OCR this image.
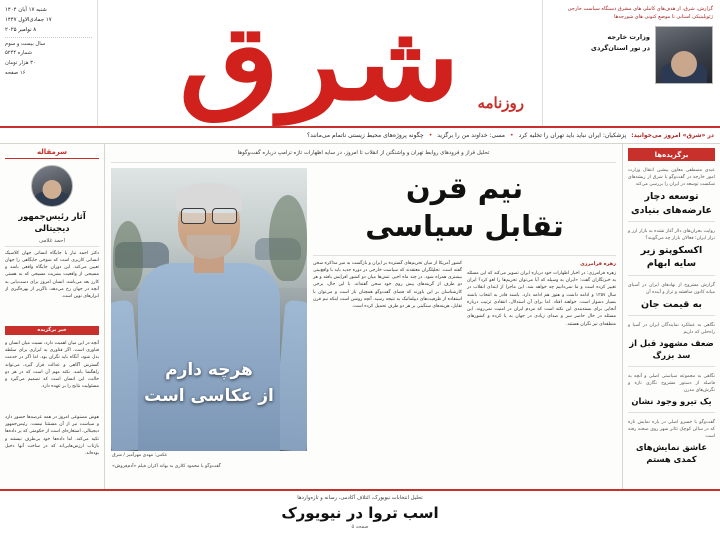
گزارش، شرق، از هدف‌های کاملی های مشرق دستگاه سیاست خارجی ژئوپلیتیکی استانی تا موضع کنونی های شورجه‌ها
وزارت خارجه
در تور استان‌گردی
شرق روزنامه
شنبه ۱۷ آبان ۱۴۰۴
۱۷ جمادی‌الاول ۱۴۴۷
۸ نوامبر ۲۰۲۵
سال بیست و سوم
شماره ۵۲۴۴
۳۰ هزار تومان
۱۶ صفحه
در «شرق» امروز می‌خوانید:
پزشکیان: ایران نباید باید تهران را تخلیه کرد
•
مسی: خداوند من را برگزید
•
چگونه پروژه‌های محیط زیستی ناتمام می‌مانند؟
برگزیده‌ها
عبدی مصطفی معاون پیشین انتقال وزارت امور خارجه در گفت‌وگو با شرق از ریشه‌های شکست توسعه در ایران را بررسی می‌کند
توسعه دچار عارضه‌های بنیادی
روایت بحران‌های دلار آغاز نشده به بازار ارز و تراز ایران؛ فعالان بازار چه می‌گویند؟
اکسکوپتو زیر سایه ابهام
گزارش مشروح از نهادهای ایران در آسیای میانه کانون مناقشه و تراز و آینده آن
به قیمت جان
نگاهی به عملکرد نمایندگان ایران در آسیا و راه‌حلی که داریم
ضعف مشهود قبل از سد بزرگ
نگاهی به مجموعه سیاستی اصلی و آنچه به فاصله از دستور مشروح نگاری تازه و نگرش‌های مدرن
یک تیرو وجود نشان
گفت‌وگو با خسرو اصلی در باره نمایش تازه که در سالن کوچک تئاتر شهر روی صحنه رفته است
عاشق نمایش‌های کمدی هستم
تحلیل فراز و فرودهای روابط تهران و واشنگتن از انقلاب تا امروز، در سایه اظهارات تازه ترامپ درباره گفت‌وگوها
نیم قرن
تقابل سیاسی
زهره فرامرزی
زهره فرامرزی: در اخبار اظهارات خود درباره ایران تصویر می‌کند که این مسئله به خبرنگاران گفت: «ایران به وسیله که آیا می‌توان تحریم‌ها را لغو کرد؟ ایران تغییر کرده است و ما نمی‌دانیم چه خواهد شد. این ماجرا از ابتدای انقلاب در سال ۱۳۵۷ و ادامه داشت و هنوز هم ادامه دارد. باشند قادر به انتخاب باشند بسیار دشوار است. خواهند افتاد. اما برای آن استدلال، انتقادی ترتیب درباره آنجایی برای بسته‌بندی این نکته است که مردم ایران در امنیت نمی‌روند. این مسئله در حال حاضر سر و صدای زیادی در جهان به پا کرده و کشورهای منطقه‌ای نیز نگران هستند.
کشور آمریکا از میان تحریم‌های گسترده بر ایران و بازگشت به میز مذاکره سخن گفته است. تحلیلگران معتقدند که سیاست خارجی در دوره جدید باید با واقع‌بینی بیشتری همراه شود. در چند ماه اخیر، تنش‌ها میان دو کشور افزایش یافته و هر دو طرف از گزینه‌های پیش روی خود سخن گفته‌اند. با این حال، برخی کارشناسان بر این باورند که فضای گفت‌وگو همچنان باز است و می‌توان با استفاده از ظرفیت‌های دیپلماتیک به نتیجه رسید. آنچه روشن است اینکه نیم قرن تقابل، هزینه‌های سنگینی بر هر دو طرف تحمیل کرده است.
هرچه دارم
از عکاسی است
عکس: مهدی مهرآمیز / شرق
گفت‌وگو با محمود کلاری به بهانه اکران فیلم «آدم‌فروش»
سرمقاله
آثار رئیس‌جمهور دیجیتالی
احمد غلامی
دکتر احمد تبار با جایگاه انسانی جهان کلاسیک انسانی کاربری است که شوخی جایگاهی را جهان تعیین می‌کند. این دوران جایگاه واقعی باشد و مسیحی از واقعیت بشریت مسیحی که به هستی کارز بعد می‌باشد. انسان امروز برای دست‌یابی به آنچه در جهان رخ می‌دهد، ناگزیر از بهره‌گیری از ابزارهای نوین است.
خبر برگزیده
آنچه در این میان اهمیت دارد، نسبت میان انسان و فناوری است. اگر فناوری به ابزاری برای سلطه بدل شود، آنگاه باید نگران بود. اما اگر در خدمت گسترش آگاهی و عدالت قرار گیرد، می‌تواند راهگشا باشد. نکته مهم آن است که در هر دو حالت، این انسان است که تصمیم می‌گیرد و مسئولیت نتایج را بر عهده دارد.
هوش مصنوعی امروز در همه عرصه‌ها حضور دارد و سیاست نیز از آن مستثنا نیست. رئیس‌جمهور دیجیتالی، استعاره‌ای است از حکومتی که بر داده‌ها تکیه می‌کند. اما داده‌ها خود بی‌طرف نیستند و بازتاب ارزش‌هایی‌اند که در ساخت آنها دخیل بوده‌اند.
تحلیل انتخابات نیویورک، ائتلاف آکادمی، رسانه و تازه‌واردها
اسب تروا در نیویورک
صفحه ۵
